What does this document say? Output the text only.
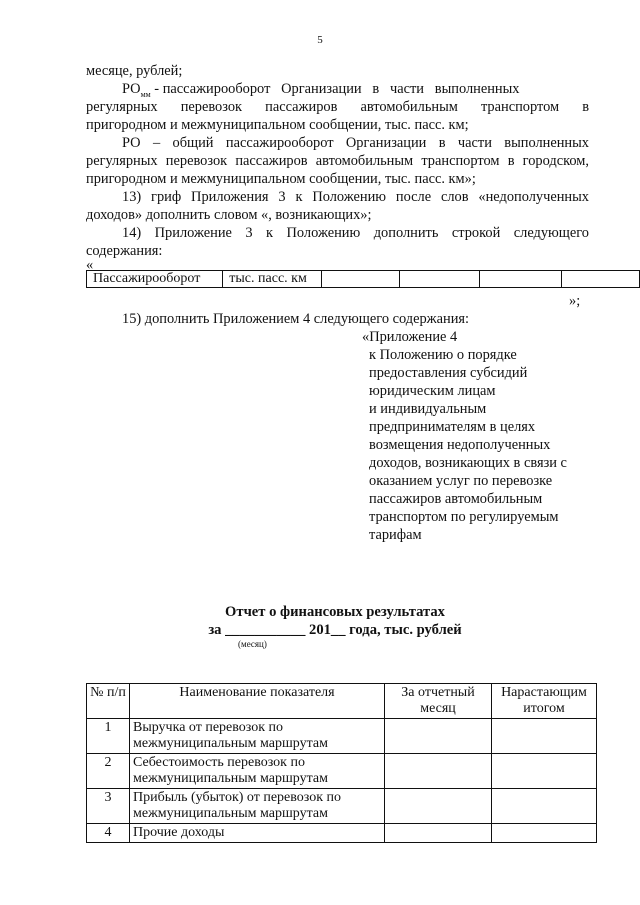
5
месяце, рублей;
$РО_{мм}$ - пассажирооборот   Организации   в   части   выполненных
регулярных перевозок пассажиров автомобильным транспортом в
пригородном и межмуниципальном сообщении, тыс. пасс. км;
РО – общий пассажирооборот Организации в части выполненных
регулярных перевозок пассажиров автомобильным транспортом в городском,
пригородном и межмуниципальном сообщении, тыс. пасс. км»;
13) гриф Приложения 3 к Положению после слов «недополученных
доходов» дополнить словом «, возникающих»;
14) Приложение 3 к Положению дополнить строкой следующего
содержания:
«
Пассажирооборот	тыс. пасс. км				
»;
15) дополнить Приложением 4 следующего содержания:
«Приложение 4
к Положению о порядке
предоставления субсидий
юридическим лицам
и индивидуальным
предпринимателям в целях
возмещения недополученных
доходов, возникающих в связи с
оказанием услуг по перевозке
пассажиров автомобильным
транспортом по регулируемым
тарифам
Отчет о финансовых результатах
за ___________ 201__ года, тыс. рублей
(месяц)
№ п/п	Наименование показателя	За отчетный месяц	Нарастающим итогом
1	Выручка от перевозок по межмуниципальным маршрутам		
2	Себестоимость перевозок по межмуниципальным маршрутам		
3	Прибыль (убыток) от перевозок по межмуниципальным маршрутам		
4	Прочие доходы		
